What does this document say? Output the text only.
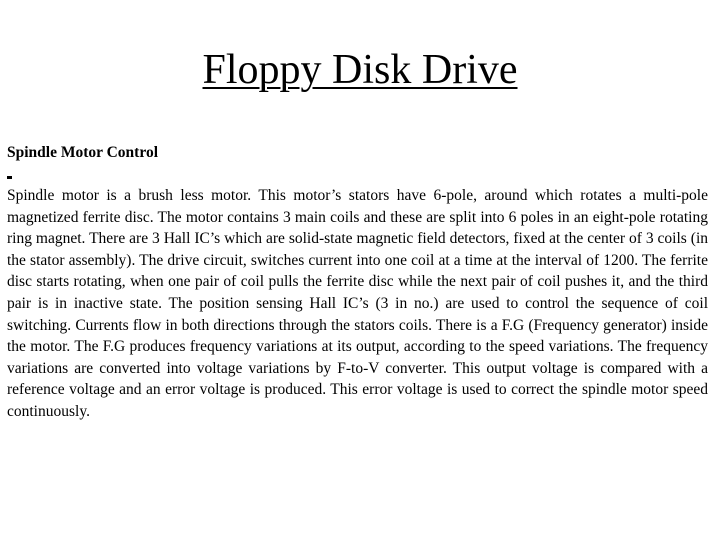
Floppy Disk Drive
Spindle Motor Control

Spindle motor is a brush less motor. This motor’s stators have 6-pole, around which rotates a multi-pole magnetized ferrite disc. The motor contains 3 main coils and these are split into 6 poles in an eight-pole rotating ring magnet. There are 3 Hall IC’s which are solid-state magnetic field detectors, fixed at the center of 3 coils (in the stator assembly). The drive circuit, switches current into one coil at a time at the interval of 1200. The ferrite disc starts rotating, when one pair of coil pulls the ferrite disc while the next pair of coil pushes it, and the third pair is in inactive state. The position sensing Hall IC’s (3 in no.) are used to control the sequence of coil switching. Currents flow in both directions through the stators coils. There is a F.G (Frequency generator) inside the motor. The F.G produces frequency variations at its output, according to the speed variations. The frequency variations are converted into voltage variations by F-to-V converter. This output voltage is compared with a reference voltage and an error voltage is produced. This error voltage is used to correct the spindle motor speed continuously.
